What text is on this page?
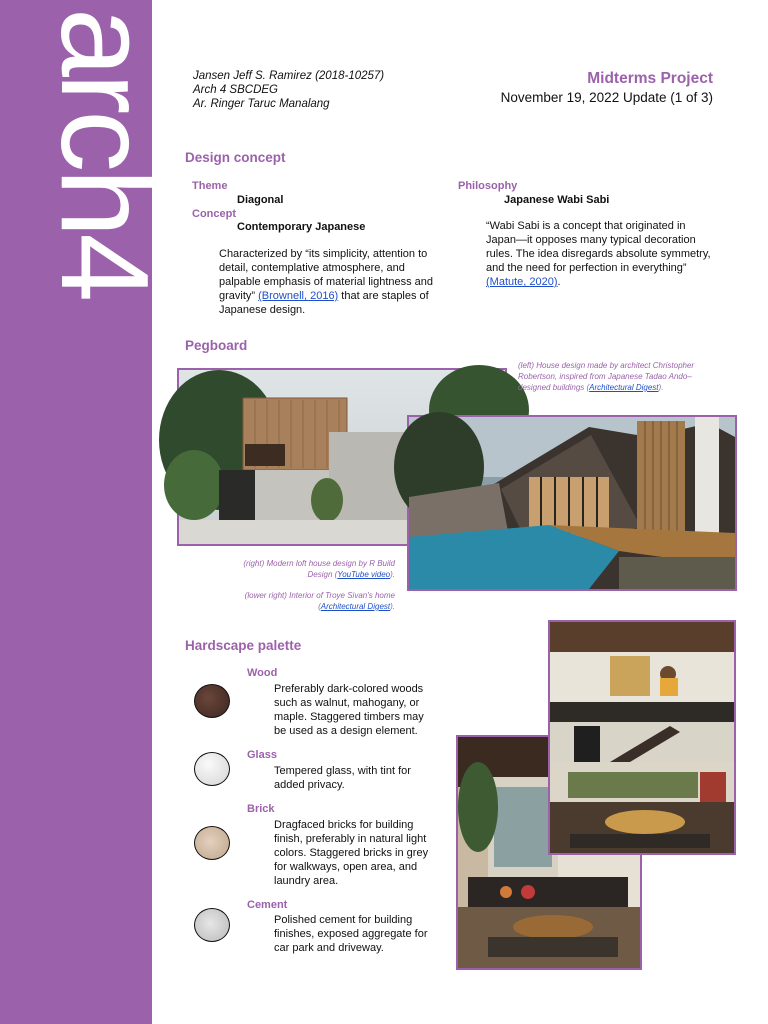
arch4 Jansen Jeff S. Ramirez (2018-10257)
Arch 4 SBCDEG
Ar. Ringer Taruc Manalang
Midterms Project
November 19, 2022 Update (1 of 3)
Design concept
Theme
Diagonal
Concept
Contemporary Japanese
Characterized by “its simplicity, attention to detail, contemplative atmosphere, and palpable emphasis of material lightness and gravity” (Brownell, 2016) that are staples of Japanese design.
Philosophy
Japanese Wabi Sabi
“Wabi Sabi is a concept that originated in Japan—it opposes many typical decoration rules. The idea disregards absolute symmetry, and the need for perfection in everything” (Matute, 2020).
Pegboard
(left) House design made by architect Christopher Robertson, inspired from Japanese Tadao Ando–designed buildings (Architectural Digest).
(right) Modern loft house design by R Build Design (YouTube video).
(lower right) Interior of Troye Sivan's home (Architectural Digest).
Hardscape palette
Wood
Preferably dark-colored woods such as walnut, mahogany, or maple. Staggered timbers may be used as a design element.
Glass
Tempered glass, with tint for added privacy.
Brick
Dragfaced bricks for building finish, preferably in natural light colors. Staggered bricks in grey for walkways, open area, and laundry area.
Cement
Polished cement for building finishes, exposed aggregate for car park and driveway.
